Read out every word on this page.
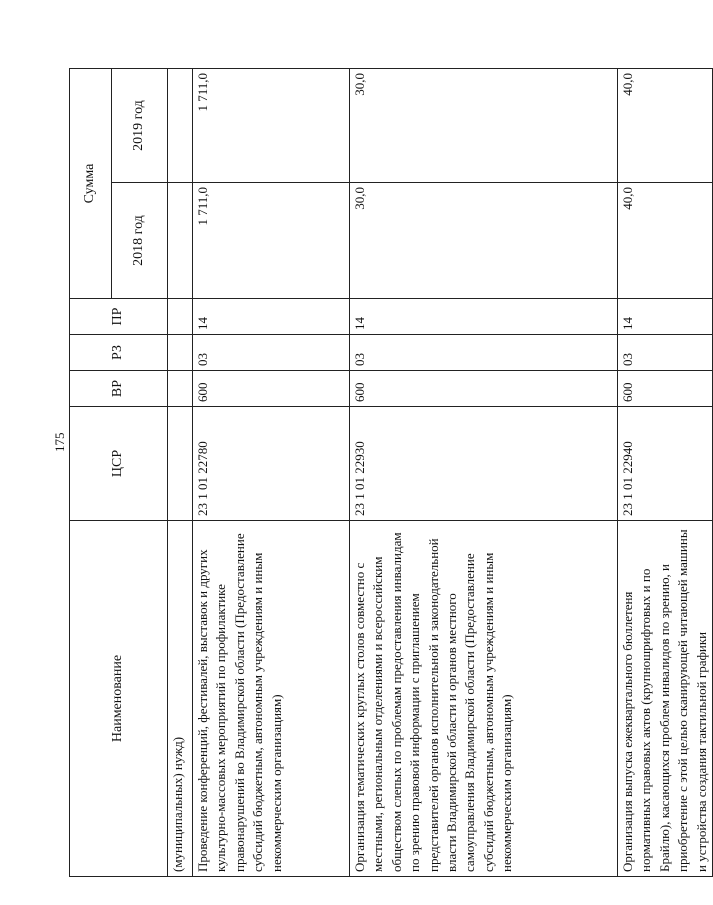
175
Наименование	ЦСР	ВР	РЗ	ПР	Сумма	
					2018 год	2019 год
(муниципальных) нужд)						
Проведение конференций, фестивалей, выставок и других культурно-массовых мероприятий по профилактике правонарушений во Владимирской области (Предоставление субсидий бюджетным, автономным учреждениям и иным некоммерческим организациям)	23 1 01 22780	600	03	14	1 711,0	1 711,0
Организация тематических круглых столов совместно с местными, региональным отделениями и всероссийским обществом слепых по проблемам предоставления инвалидам по зрению правовой информации с приглашением представителей органов исполнительной и законодательной власти Владимирской области и органов местного самоуправления Владимирской области (Предоставление субсидий бюджетным, автономным учреждениям и иным некоммерческим организациям)	23 1 01 22930	600	03	14	30,0	30,0
Организация выпуска ежеквартального бюллетеня нормативных правовых актов (крупношрифтовых и по Брайлю), касающихся проблем инвалидов по зрению, и приобретение с этой целью сканирующей читающей машины и устройства создания тактильной графики	23 1 01 22940	600	03	14	40,0	40,0
